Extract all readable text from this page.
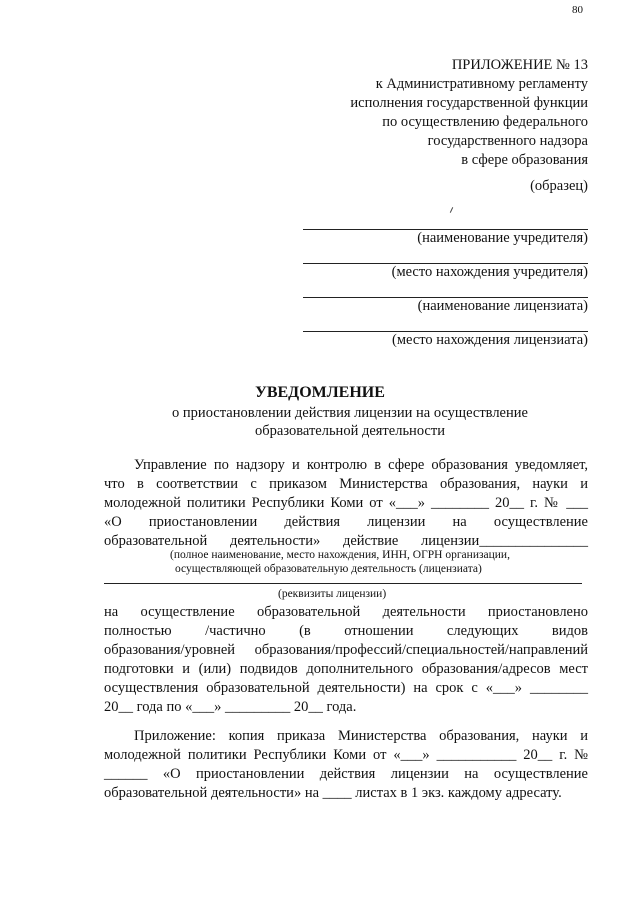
80
ПРИЛОЖЕНИЕ № 13
к Административному регламенту
исполнения государственной функции
по осуществлению федерального
государственного надзора
в сфере образования
(образец)
(наименование учредителя)
(место нахождения учредителя)
(наименование лицензиата)
(место нахождения лицензиата)
УВЕДОМЛЕНИЕ
о приостановлении действия лицензии на осуществление образовательной деятельности
Управление по надзору и контролю в сфере образования уведомляет,
что в соответствии с приказом Министерства образования, науки и
молодежной политики Республики Коми от «___» ________ 20__ г. № ___
«О приостановлении действия лицензии на осуществление
образовательной деятельности» действие лицензии_______________
(полное наименование, место нахождения, ИНН, ОГРН организации,
осуществляющей образовательную деятельность (лицензиата)
(реквизиты лицензии)
на осуществление образовательной деятельности приостановлено
полностью /частично (в отношении следующих видов
образования/уровней образования/профессий/специальностей/направлений
подготовки и (или) подвидов дополнительного образования/адресов мест
осуществления образовательной деятельности) на срок с «___» ________
20__ года по «___» _________ 20__ года.
Приложение: копия приказа Министерства образования, науки и
молодежной политики Республики Коми от «___» ___________ 20__ г. №
______ «О приостановлении действия лицензии на осуществление
образовательной деятельности» на ____ листах в 1 экз. каждому адресату.
